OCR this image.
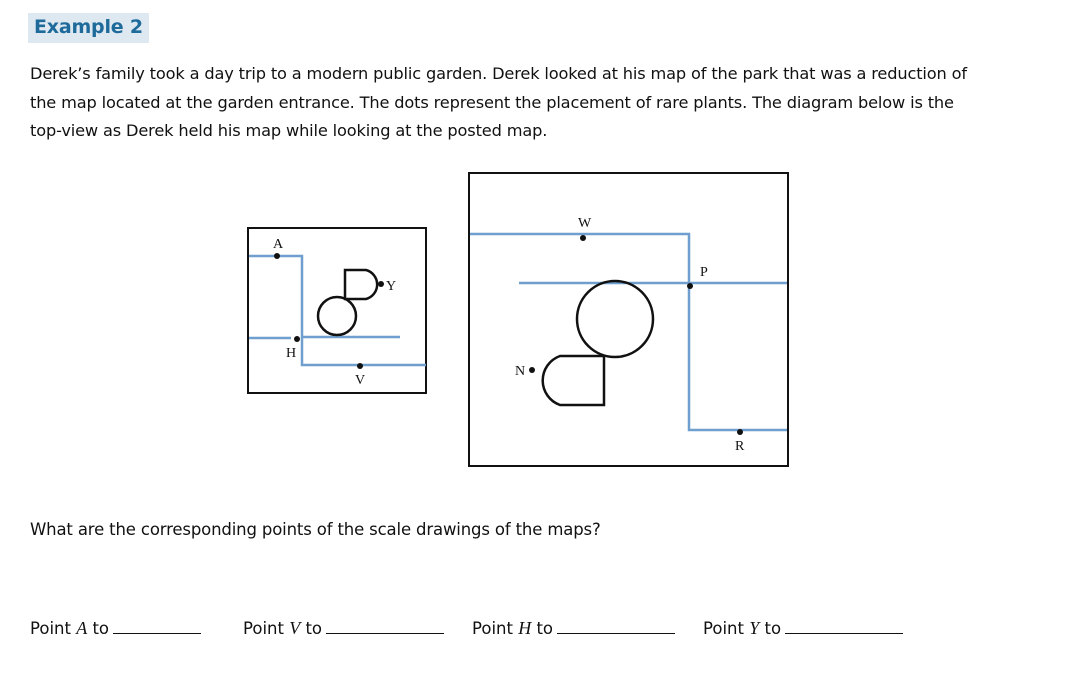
Example 2

Derek’s family took a day trip to a modern public garden. Derek looked at his map of the park that was a reduction of

the map located at the garden entrance. The dots represent the placement of rare plants. The diagram below is the

top-view as Derek held his map while looking at the posted map.

A
Y
H
V
W
P
N
R
What are the corresponding points of the scale drawings of the maps?
Point A to	Point V to	Point H to	Point Y to
